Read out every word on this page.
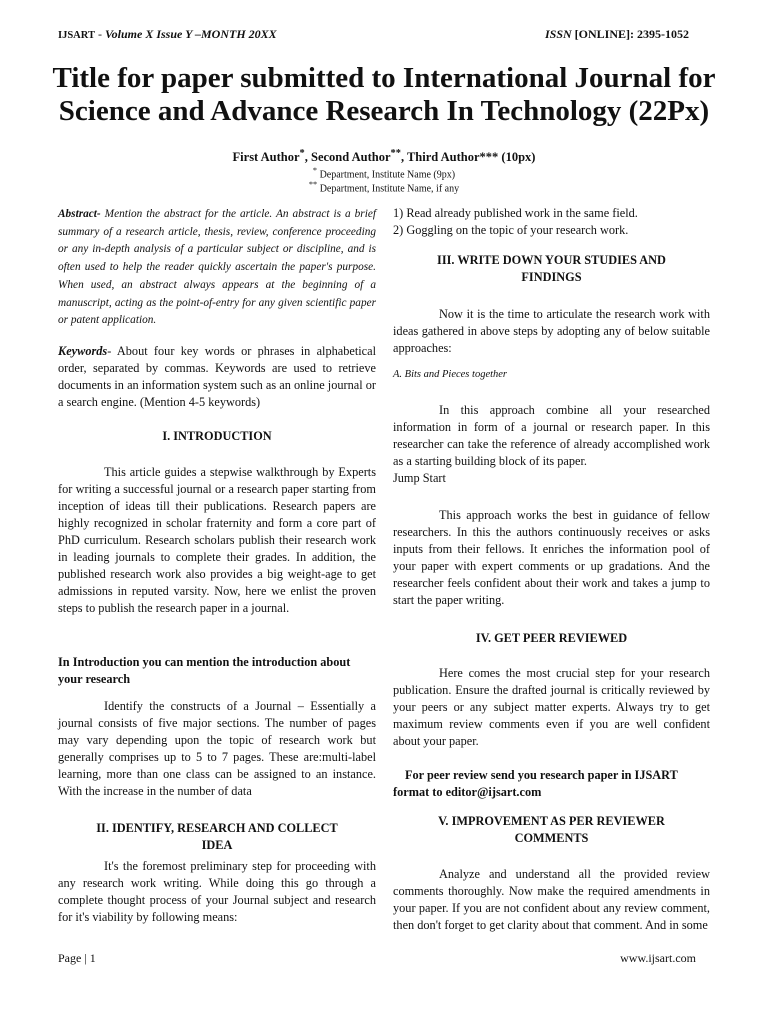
IJSART - Volume X Issue Y –MONTH 20XX	ISSN [ONLINE]: 2395-1052
Title for paper submitted to International Journal for Science and Advance Research In Technology (22Px)
First Author*, Second Author**, Third Author*** (10px)
* Department, Institute Name (9px)
** Department, Institute Name, if any
Abstract- Mention the abstract for the article. An abstract is a brief summary of a research article, thesis, review, conference proceeding or any in-depth analysis of a particular subject or discipline, and is often used to help the reader quickly ascertain the paper's purpose. When used, an abstract always appears at the beginning of a manuscript, acting as the point-of-entry for any given scientific paper or patent application.
Keywords- About four key words or phrases in alphabetical order, separated by commas. Keywords are used to retrieve documents in an information system such as an online journal or a search engine. (Mention 4-5 keywords)
I. INTRODUCTION
This article guides a stepwise walkthrough by Experts for writing a successful journal or a research paper starting from inception of ideas till their publications. Research papers are highly recognized in scholar fraternity and form a core part of PhD curriculum. Research scholars publish their research work in leading journals to complete their grades. In addition, the published research work also provides a big weight-age to get admissions in reputed varsity. Now, here we enlist the proven steps to publish the research paper in a journal.
In Introduction you can mention the introduction about your research
Identify the constructs of a Journal – Essentially a journal consists of five major sections. The number of pages may vary depending upon the topic of research work but generally comprises up to 5 to 7 pages. These are:multi-label learning, more than one class can be assigned to an instance. With the increase in the number of data
II. IDENTIFY, RESEARCH AND COLLECT
IDEA
It's the foremost preliminary step for proceeding with any research work writing. While doing this go through a complete thought process of your Journal subject and research for it's viability by following means:
1) Read already published work in the same field.
2) Goggling on the topic of your research work.
III. WRITE DOWN YOUR STUDIES AND
FINDINGS
Now it is the time to articulate the research work with ideas gathered in above steps by adopting any of below suitable approaches:
A. Bits and Pieces together
In this approach combine all your researched information in form of a journal or research paper. In this researcher can take the reference of already accomplished work as a starting building block of its paper.
Jump Start
This approach works the best in guidance of fellow researchers. In this the authors continuously receives or asks inputs from their fellows. It enriches the information pool of your paper with expert comments or up gradations. And the researcher feels confident about their work and takes a jump to start the paper writing.
IV. GET PEER REVIEWED
Here comes the most crucial step for your research publication. Ensure the drafted journal is critically reviewed by your peers or any subject matter experts. Always try to get maximum review comments even if you are well confident about your paper.
For peer review send you research paper in IJSART format to editor@ijsart.com
V. IMPROVEMENT AS PER REVIEWER
COMMENTS
Analyze and understand all the provided review comments thoroughly. Now make the required amendments in your paper. If you are not confident about any review comment, then don't forget to get clarity about that comment. And in some
Page | 1	www.ijsart.com
